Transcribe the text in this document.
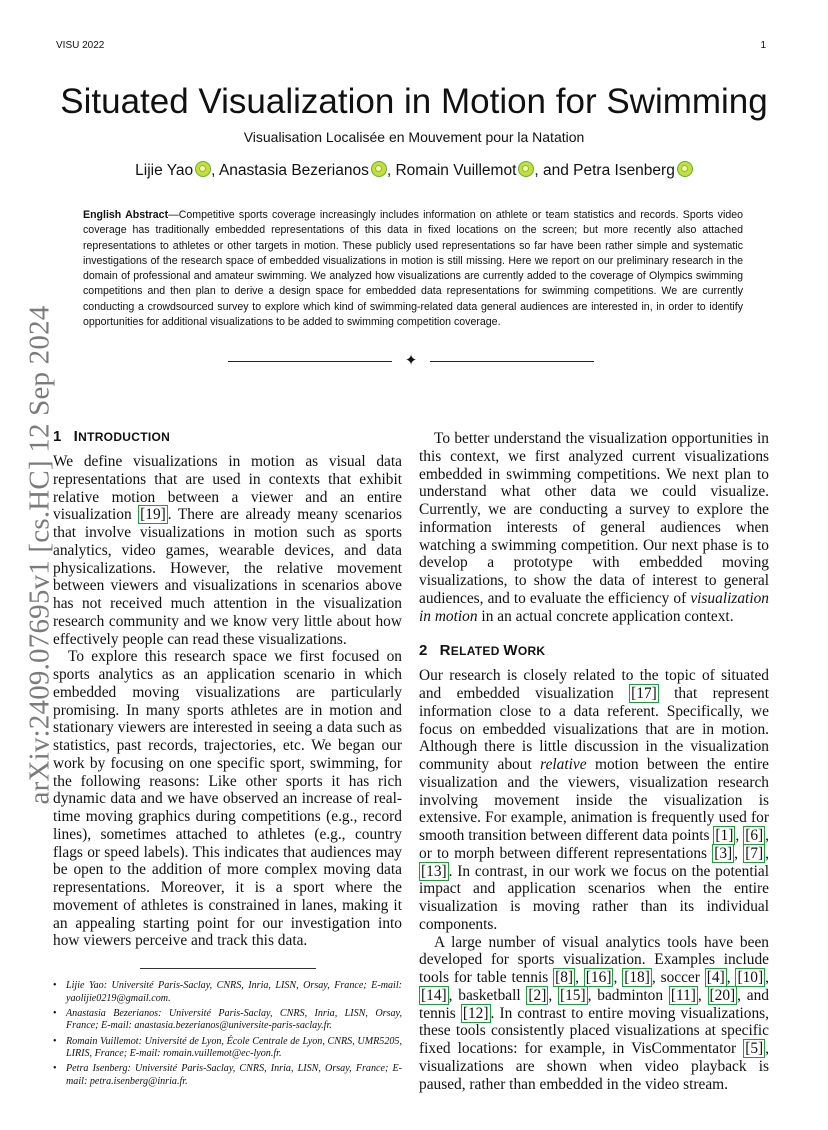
VISU 2022	1
arXiv:2409.07695v1 [cs.HC] 12 Sep 2024
Situated Visualization in Motion for Swimming
Visualisation Localisée en Mouvement pour la Natation
Lijie Yao , Anastasia Bezerianos , Romain Vuillemot , and Petra Isenberg

English Abstract—Competitive sports coverage increasingly includes information on athlete or team statistics and records. Sports video coverage has traditionally embedded representations of this data in fixed locations on the screen; but more recently also attached representations to athletes or other targets in motion. These publicly used representations so far have been rather simple and systematic investigations of the research space of embedded visualizations in motion is still missing. Here we report on our preliminary research in the domain of professional and amateur swimming. We analyzed how visualizations are currently added to the coverage of Olympics swimming competitions and then plan to derive a design space for embedded data representations for swimming competitions. We are currently conducting a crowdsourced survey to explore which kind of swimming-related data general audiences are interested in, in order to identify opportunities for additional visualizations to be added to swimming competition coverage.

✦
1 INTRODUCTION

We define visualizations in motion as visual data representations that are used in contexts that exhibit relative motion between a viewer and an entire visualization [19] . There are already meany scenarios that involve visualizations in motion such as sports analytics, video games, wearable devices, and data physicalizations. However, the relative movement between viewers and visualizations in scenarios above has not received much attention in the visualization research community and we know very little about how effectively people can read these visualizations.

To explore this research space we first focused on sports analytics as an application scenario in which embedded moving visualizations are particularly promising. In many sports athletes are in motion and stationary viewers are interested in seeing a data such as statistics, past records, trajectories, etc. We began our work by focusing on one specific sport, swimming, for the following reasons: Like other sports it has rich dynamic data and we have observed an increase of real-time moving graphics during competitions (e.g., record lines), sometimes attached to athletes (e.g., country flags or speed labels). This indicates that audiences may be open to the addition of more complex moving data representations. Moreover, it is a sport where the movement of athletes is constrained in lanes, making it an appealing starting point for our investigation into how viewers perceive and track this data.

To better understand the visualization opportunities in this context, we first analyzed current visualizations embedded in swimming competitions. We next plan to understand what other data we could visualize. Currently, we are conducting a survey to explore the information interests of general audiences when watching a swimming competition. Our next phase is to develop a prototype with embedded moving visualizations, to show the data of interest to general audiences, and to evaluate the efficiency of visualization in motion in an actual concrete application context.

2 RELATED WORK

Our research is closely related to the topic of situated and embedded visualization [17] that represent information close to a data referent. Specifically, we focus on embedded visualizations that are in motion. Although there is little discussion in the visualization community about relative motion between the entire visualization and the viewers, visualization research involving movement inside the visualization is extensive. For example, animation is frequently used for smooth transition between different data points [1] , [6] , or to morph between different representations [3] , [7] , [13] . In contrast, in our work we focus on the potential impact and application scenarios when the entire visualization is moving rather than its individual components.

A large number of visual analytics tools have been developed for sports visualization. Examples include tools for table tennis [8] , [16] , [18] , soccer [4] , [10] , [14] , basketball [2] , [15] , badminton [11] , [20] , and tennis [12] . In contrast to entire moving visualizations, these tools consistently placed visualizations at specific fixed locations: for example, in VisCommentator [5] , visualizations are shown when video playback is paused, rather than embedded in the video stream.

• Lijie Yao: Université Paris-Saclay, CNRS, Inria, LISN, Orsay, France; E-mail: yaolijie0219@gmail.com.
• Anastasia Bezerianos: Université Paris-Saclay, CNRS, Inria, LISN, Orsay, France; E-mail: anastasia.bezerianos@universite-paris-saclay.fr.
• Romain Vuillemot: Université de Lyon, École Centrale de Lyon, CNRS, UMR5205, LIRIS, France; E-mail: romain.vuillemot@ec-lyon.fr.
• Petra Isenberg: Université Paris-Saclay, CNRS, Inria, LISN, Orsay, France; E-mail: petra.isenberg@inria.fr.
